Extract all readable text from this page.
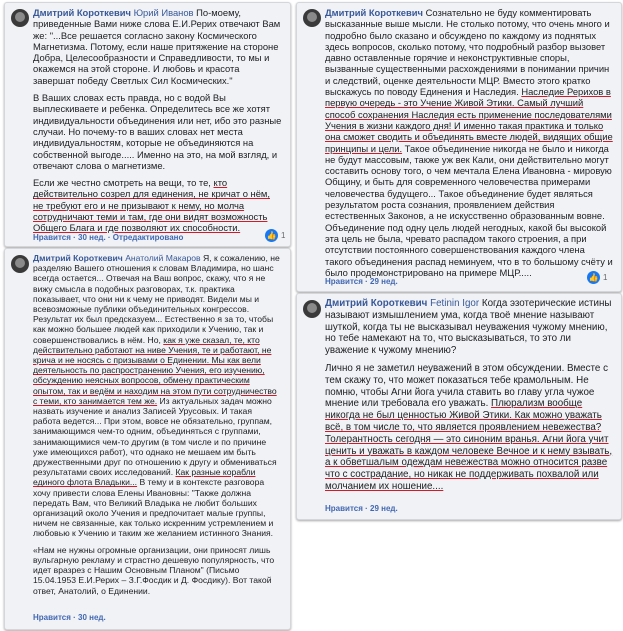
Дмитрий Короткевич Юрий Иванов По-моему, приведенные Вами ниже слова Е.И.Рерих отвечают Вам же: "...Все решается согласно закону Космического Магнетизма. Потому, если наше притяжение на стороне Добра, Целесообразности и Справедливости, то мы и окажемся на этой стороне. И любовь и красота завершат победу Светлых Сил Космических."

В Ваших словах есть правда, но с водой Вы выплескиваете и ребенка. Определитесь все же хотят индивидуальности объединения или нет, ибо это разные случаи. Но почему-то в ваших словах нет места индивидуальностям, которые не объединяются на собственной выгоде..... Именно на это, на мой взгляд, и отвечают слова о магнетизме.

Если же честно смотреть на вещи, то те, кто действительно созрел для единения, не кричат о нём, не требуют его и не призывают к нему, но молча сотрудничают теми и там, где они видят возможность Общего Блага и где позволяют их способности.

Нравится · 30 нед. · Отредактировано	👍 1

Дмитрий Короткевич Сознательно не буду комментировать высказанные выше мысли. Не столько потому, что очень много и подробно было сказано и обсуждено по каждому из поднятых здесь вопросов, сколько потому, что подробный разбор вызовет давно оставленные горячие и неконструктивные споры, вызванные существенными расхождениями в понимании причин и следствий, оценке деятельности МЦР. Вместо этого кратко выскажусь по поводу Единения и Наследия. Наследие Рерихов в первую очередь - это Учение Живой Этики. Самый лучший способ сохранения Наследия есть применение последователями Учения в жизни каждого дня! И именно такая практика и только она сможет сводить и объединять вместе людей, видящих общие принципы и цели. Такое объединение никогда не было и никогда не будут массовым, также уж век Кали, они действительно могут составить основу того, о чем мечтала Елена Ивановна - мировую Общину, и быть для современного человечества примерами человечества будущего... Такое объединение будет являться результатом роста сознания, проявлением действия естественных Законов, а не искусственно образованным вовне. Объединение под одну цель людей негодных, какой бы высокой эта цель не была, чревато распадом такого строения, а при отсутствии постоянного совершенствования каждого члена такого объединения распад неминуем, что в то большому счёту и было продемонстрировано на примере МЦР.....

Нравится · 29 нед.	👍 1

Дмитрий Короткевич Анатолий Макаров Я, к сожалению, не разделяю Вашего отношения к словам Владимира, но шанс всегда остается... Отвечая на Ваш вопрос, скажу, что я не вижу смысла в подобных разговорах, т.к. практика показывает, что они ни к чему не приводят. Видели мы и всевозможные публики объединительных конгрессов. Результат их был предсказуем... Естественно я за то, чтобы как можно большее людей как приходили к Учению, так и совершенствовались в нём. Но, как я уже сказал, те, кто действительно работают на ниве Учения, те и работают, не крича и не носясь с призывами о Единении. Мы как вели деятельность по распространению Учения, его изучению, обсуждению неясных вопросов, обмену практическим опытом, так и ведём и находим на этом пути сотрудничество с теми, кто занимается тем же. Из актуальных задач можно назвать изучение и анализ Записей Урусовых. И такая работа ведется... При этом, вовсе не обязательно, группам, занимающимся чем-то одним, объединяться с группами, занимающимися чем-то другим (в том числе и по причине уже имеющихся работ), что однако не мешаем им быть дружественными друг по отношению к другу и обмениваться результатами своих исследований. Как разные корабли единого флота Владыки... В тему и в контексте разговора хочу привести слова Елены Ивановны: "Также должна передать Вам, что Великий Владыка не любит больших организаций около Учения и предпочитает малые группы, ничем не связанные, как только искренним устремлением и любовью к Учению и таким же желанием истинного Знания.

«Нам не нужны огромные организации, они приносят лишь вульгарную рекламу и страстно дешевую популярность, что идет вразрез с Нашим Основным Планом" (Письмо 15.04.1953 Е.И.Рерих – З.Г.Фосдик и Д. Фосдику). Вот такой ответ, Анатолий, о Единении.

Нравится · 30 нед.

Дмитрий Короткевич Fetinin Igor Когда эзотерические истины называют измышлением ума, когда твоё мнение называют шуткой, когда ты не высказывал неуважения чужому мнению, но тебе намекают на то, что высказываться, то это ли уважение к чужому мнению?

Лично я не заметил неуважений в этом обсуждении. Вместе с тем скажу то, что может показаться тебе крамольным. Не помню, чтобы Агни йога учила ставить во главу угла чужое мнение или требовала его уважать. Плюрализм вообще никогда не был ценностью Живой Этики. Как можно уважать всё, в том числе то, что является проявлением невежества? Толерантность сегодня — это синоним вранья. Агни йога учит ценить и уважать в каждом человеке Вечное и к нему взывать, а к обветшалым одеждам невежества можно относится разве что с сострадание, но никак не поддерживать похвалой или молчанием их ношение....

Нравится · 29 нед.
